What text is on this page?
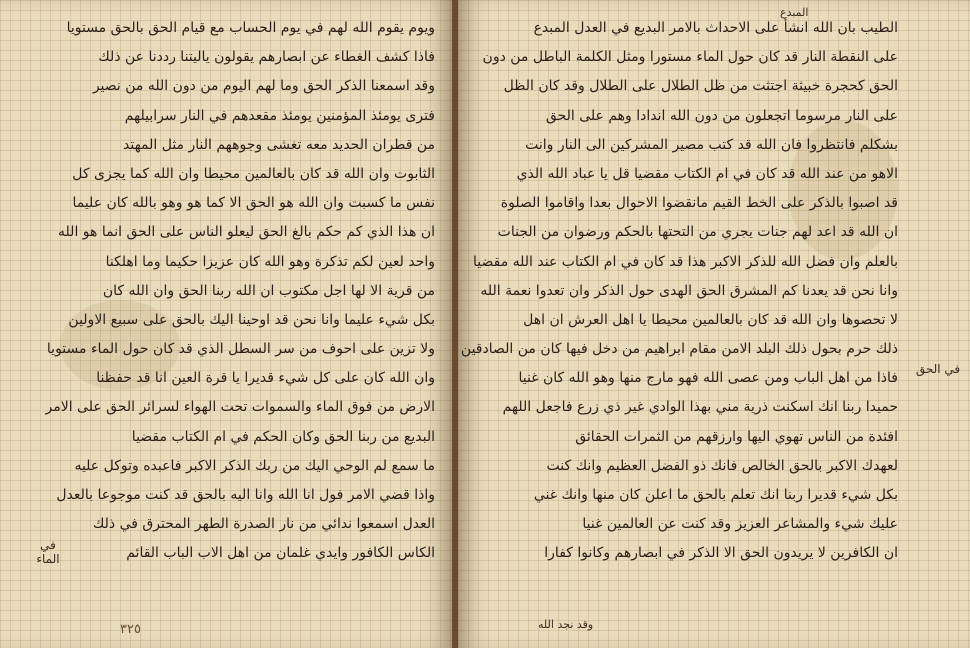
ويوم يقوم الله لهم في يوم الحساب مع قيام الحق بالحق مستويا
فاذا كشف الغطاء عن ابصارهم يقولون ياليتنا رددنا عن ذلك
وقد اسمعنا الذكر الحق وما لهم اليوم من دون الله من نصير
فترى يومئذ المؤمنين يومئذ مقعدهم في النار سرابيلهم
من قطران الحديد معه تغشى وجوههم النار مثل المهتد
الثابوت وان الله قد كان بالعالمين محيطا وان الله كما يجزى كل
نفس ما كسبت وان الله هو الحق الا كما هو وهو بالله كان عليما
ان هذا الذي كم حكم بالغ الحق ليعلو الناس على الحق انما هو الله
واحد لعين لكم تذكرة وهو الله كان عزيزا حكيما وما اهلكنا
من قرية الا لها اجل مكتوب ان الله ربنا الحق وان الله كان
بكل شيء عليما وانا نحن قد اوحينا اليك بالحق على سبيع الاولين
ولا تزين على احوف من سر السطل الذي قد كان حول الماء مستويا
وان الله كان على كل شيء قديرا يا قرة العين انا قد حفظنا
الارض من فوق الماء والسموات تحت الهواء لسرائر الحق على الامر
البديع من ربنا الحق وكان الحكم في ام الكتاب مقضيا
ما سمع لم الوحي اليك من ربك الذكر الاكبر فاعبده وتوكل عليه
واذا قضي الامر فول انا الله وانا اليه بالحق قد كنت موجوعا بالعدل
العدل اسمعوا ندائي من نار الصدرة الطهر المحترق في ذلك
الكاس الكافور وايدي غلمان من اهل الاب الباب القائم
في الماء
٣٢٥
المبدع
الطيب بان الله انشأ على الاحداث بالامر البديع في العدل المبدع
على النقطة النار قد كان حول الماء مستورا ومثل الكلمة الباطل من دون
الحق كحجرة خبيثة اجتثت من ظل الطلال على الطلال وقد كان الظل
على النار مرسوما اتجعلون من دون الله اندادا وهم على الحق
بشكلم فانتظروا فان الله قد كتب مصير المشركين الى النار وانت
الاهو من عند الله قد كان في ام الكتاب مقضيا قل يا عباد الله الذي
قد اصبوا بالذكر على الخط القيم مانقضوا الاحوال بعدا واقاموا الصلوة
ان الله قد اعد لهم جنات يجري من التحتها بالحكم ورضوان من الجنات
بالعلم وان فضل الله للذكر الاكبر هذا قد كان في ام الكتاب عند الله مقضيا
وانا نحن قد يعدنا كم المشرق الحق الهدى حول الذكر وان تعدوا نعمة الله
لا تحصوها وان الله قد كان بالعالمين محيطا يا اهل العرش ان اهل
ذلك حرم بحول ذلك البلد الامن مقام ابراهيم من دخل فيها كان من الصادقين
فاذا من اهل الباب ومن عصى الله فهو مارج منها وهو الله كان غنيا
حميدا ربنا انك اسكنت ذرية مني بهذا الوادي غير ذي زرع فاجعل اللهم
افئدة من الناس تهوي اليها وارزقهم من الثمرات الحقائق
لعهدك الاكبر بالحق الخالص فانك ذو الفضل العظيم وانك كنت
بكل شيء قديرا ربنا انك تعلم بالحق ما اعلن كان منها وانك غني
عليك شيء والمشاعر العزيز وقد كنت عن العالمين غنيا
ان الكافرين لا يريدون الحق الا الذكر في ابصارهم وكانوا كفارا
في الحق
وقد نجد الله
